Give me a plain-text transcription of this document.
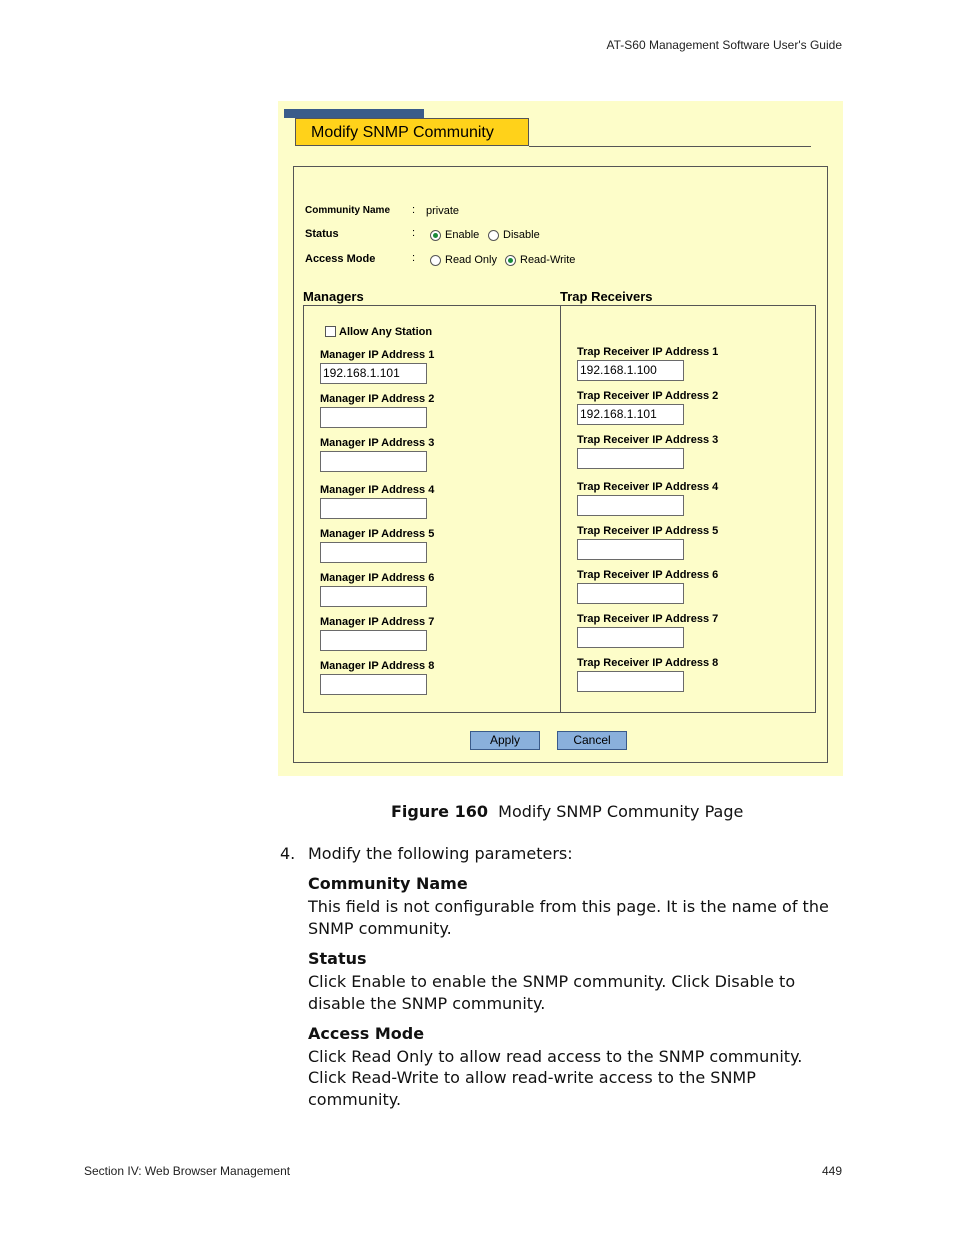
AT-S60 Management Software User's Guide
Modify SNMP Community
Community Name : private
Status	:	Enable Disable
Access Mode	:	Read Only Read-Write
Managers	Trap Receivers
Allow Any Station
Manager IP Address 1
192.168.1.101
Manager IP Address 2
Manager IP Address 3
Manager IP Address 4
Manager IP Address 5
Manager IP Address 6
Manager IP Address 7
Manager IP Address 8
Trap Receiver IP Address 1
192.168.1.100
Trap Receiver IP Address 2
192.168.1.101
Trap Receiver IP Address 3
Trap Receiver IP Address 4
Trap Receiver IP Address 5
Trap Receiver IP Address 6
Trap Receiver IP Address 7
Trap Receiver IP Address 8
Apply	Cancel
Figure 160 Modify SNMP Community Page
4. Modify the following parameters:
Community Name
This field is not configurable from this page. It is the name of the
SNMP community.
Status
Click Enable to enable the SNMP community. Click Disable to
disable the SNMP community.
Access Mode
Click Read Only to allow read access to the SNMP community.
Click Read-Write to allow read-write access to the SNMP
community.
Section IV: Web Browser Management	449
